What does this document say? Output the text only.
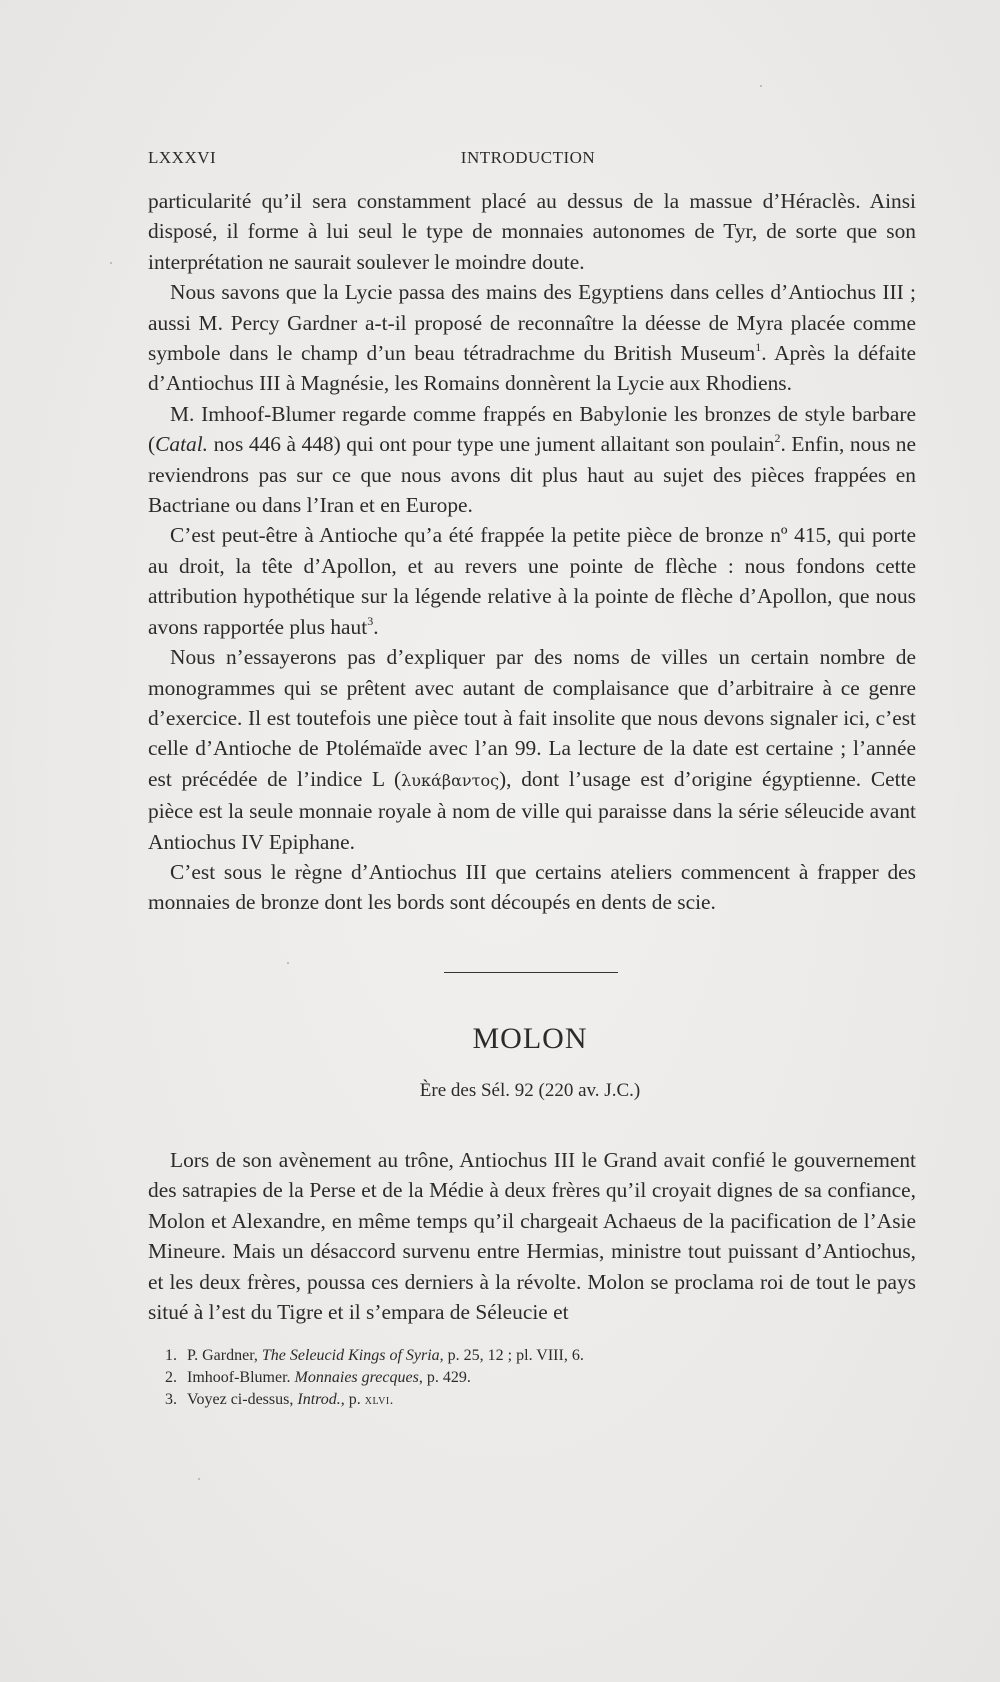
LXXXVI	INTRODUCTION

particularité qu’il sera constamment placé au dessus de la massue d’Héraclès. Ainsi disposé, il forme à lui seul le type de monnaies autonomes de Tyr, de sorte que son interprétation ne saurait soulever le moindre doute.

Nous savons que la Lycie passa des mains des Egyptiens dans celles d’Antiochus III ; aussi M. Percy Gardner a-t-il proposé de reconnaître la déesse de Myra placée comme symbole dans le champ d’un beau tétradrachme du British Museum$^1$. Après la défaite d’Antiochus III à Magnésie, les Romains donnèrent la Lycie aux Rhodiens.

M. Imhoof-Blumer regarde comme frappés en Babylonie les bronzes de style barbare (Catal. nos 446 à 448) qui ont pour type une jument allaitant son poulain$^2$. Enfin, nous ne reviendrons pas sur ce que nous avons dit plus haut au sujet des pièces frappées en Bactriane ou dans l’Iran et en Europe.

C’est peut-être à Antioche qu’a été frappée la petite pièce de bronze nº 415, qui porte au droit, la tête d’Apollon, et au revers une pointe de flèche : nous fondons cette attribution hypothétique sur la légende relative à la pointe de flèche d’Apollon, que nous avons rapportée plus haut$^3$.

Nous n’essayerons pas d’expliquer par des noms de villes un certain nombre de monogrammes qui se prêtent avec autant de complaisance que d’arbitraire à ce genre d’exercice. Il est toutefois une pièce tout à fait insolite que nous devons signaler ici, c’est celle d’Antioche de Ptolémaïde avec l’an 99. La lecture de la date est certaine ; l’année est précédée de l’indice L (λυκάβαντος), dont l’usage est d’origine égyptienne. Cette pièce est la seule monnaie royale à nom de ville qui paraisse dans la série séleucide avant Antiochus IV Epiphane.

C’est sous le règne d’Antiochus III que certains ateliers commencent à frapper des monnaies de bronze dont les bords sont découpés en dents de scie.

MOLON
Ère des Sél. 92 (220 av. J.C.)

Lors de son avènement au trône, Antiochus III le Grand avait confié le gouvernement des satrapies de la Perse et de la Médie à deux frères qu’il croyait dignes de sa confiance, Molon et Alexandre, en même temps qu’il chargeait Achaeus de la pacification de l’Asie Mineure. Mais un désaccord survenu entre Hermias, ministre tout puissant d’Antiochus, et les deux frères, poussa ces derniers à la révolte. Molon se proclama roi de tout le pays situé à l’est du Tigre et il s’empara de Séleucie et

1. P. Gardner, The Seleucid Kings of Syria, p. 25, 12 ; pl. VIII, 6.
2. Imhoof-Blumer. Monnaies grecques, p. 429.
3. Voyez ci-dessus, Introd., p. xlvi.
